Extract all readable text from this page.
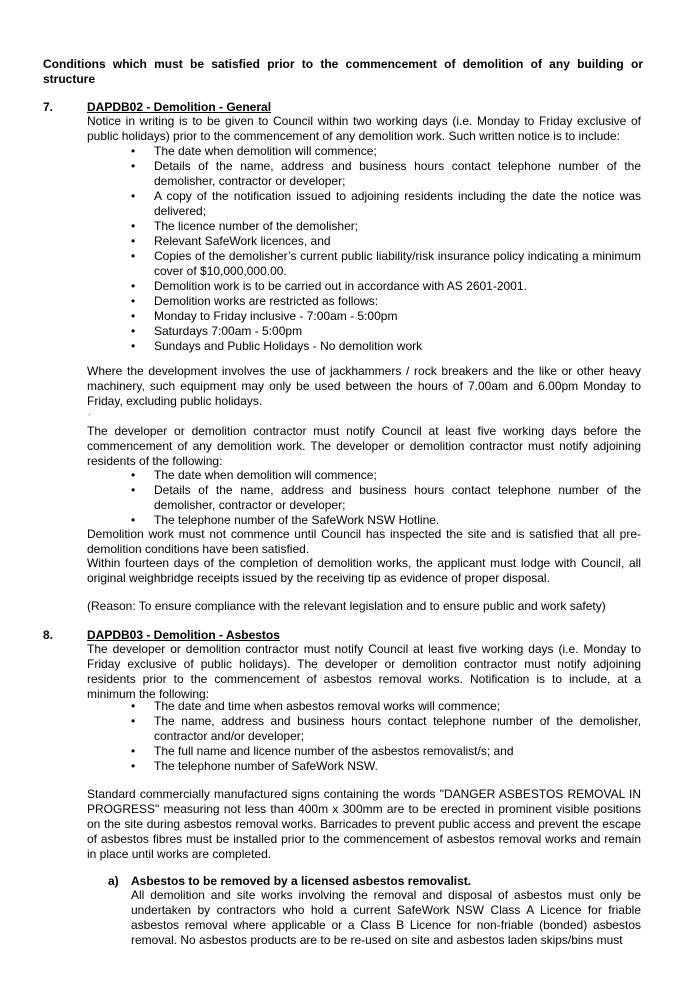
Conditions which must be satisfied prior to the commencement of demolition of any building or structure
7.	DAPDB02 - Demolition - General
Notice in writing is to be given to Council within two working days (i.e. Monday to Friday exclusive of public holidays) prior to the commencement of any demolition work. Such written notice is to include:
• The date when demolition will commence;
• Details of the name, address and business hours contact telephone number of the demolisher, contractor or developer;
• A copy of the notification issued to adjoining residents including the date the notice was delivered;
• The licence number of the demolisher;
• Relevant SafeWork licences, and
• Copies of the demolisher’s current public liability/risk insurance policy indicating a minimum cover of $10,000,000.00.
• Demolition work is to be carried out in accordance with AS 2601-2001.
• Demolition works are restricted as follows:
• Monday to Friday inclusive - 7:00am - 5:00pm
• Saturdays 7:00am - 5:00pm
• Sundays and Public Holidays - No demolition work
Where the development involves the use of jackhammers / rock breakers and the like or other heavy machinery, such equipment may only be used between the hours of 7.00am and 6.00pm Monday to Friday, excluding public holidays.
◦
The developer or demolition contractor must notify Council at least five working days before the commencement of any demolition work. The developer or demolition contractor must notify adjoining residents of the following:
• The date when demolition will commence;
• Details of the name, address and business hours contact telephone number of the demolisher, contractor or developer;
• The telephone number of the SafeWork NSW Hotline.
Demolition work must not commence until Council has inspected the site and is satisfied that all pre-demolition conditions have been satisfied.
Within fourteen days of the completion of demolition works, the applicant must lodge with Council, all original weighbridge receipts issued by the receiving tip as evidence of proper disposal.
(Reason: To ensure compliance with the relevant legislation and to ensure public and work safety)
8.	DAPDB03 - Demolition - Asbestos
The developer or demolition contractor must notify Council at least five working days (i.e. Monday to Friday exclusive of public holidays). The developer or demolition contractor must notify adjoining residents prior to the commencement of asbestos removal works. Notification is to include, at a minimum the following:
• The date and time when asbestos removal works will commence;
• The name, address and business hours contact telephone number of the demolisher, contractor and/or developer;
• The full name and licence number of the asbestos removalist/s; and
• The telephone number of SafeWork NSW.
Standard commercially manufactured signs containing the words "DANGER ASBESTOS REMOVAL IN PROGRESS" measuring not less than 400m x 300mm are to be erected in prominent visible positions on the site during asbestos removal works. Barricades to prevent public access and prevent the escape of asbestos fibres must be installed prior to the commencement of asbestos removal works and remain in place until works are completed.
a) Asbestos to be removed by a licensed asbestos removalist.
All demolition and site works involving the removal and disposal of asbestos must only be undertaken by contractors who hold a current SafeWork NSW Class A Licence for friable asbestos removal where applicable or a Class B Licence for non-friable (bonded) asbestos removal. No asbestos products are to be re-used on site and asbestos laden skips/bins must
